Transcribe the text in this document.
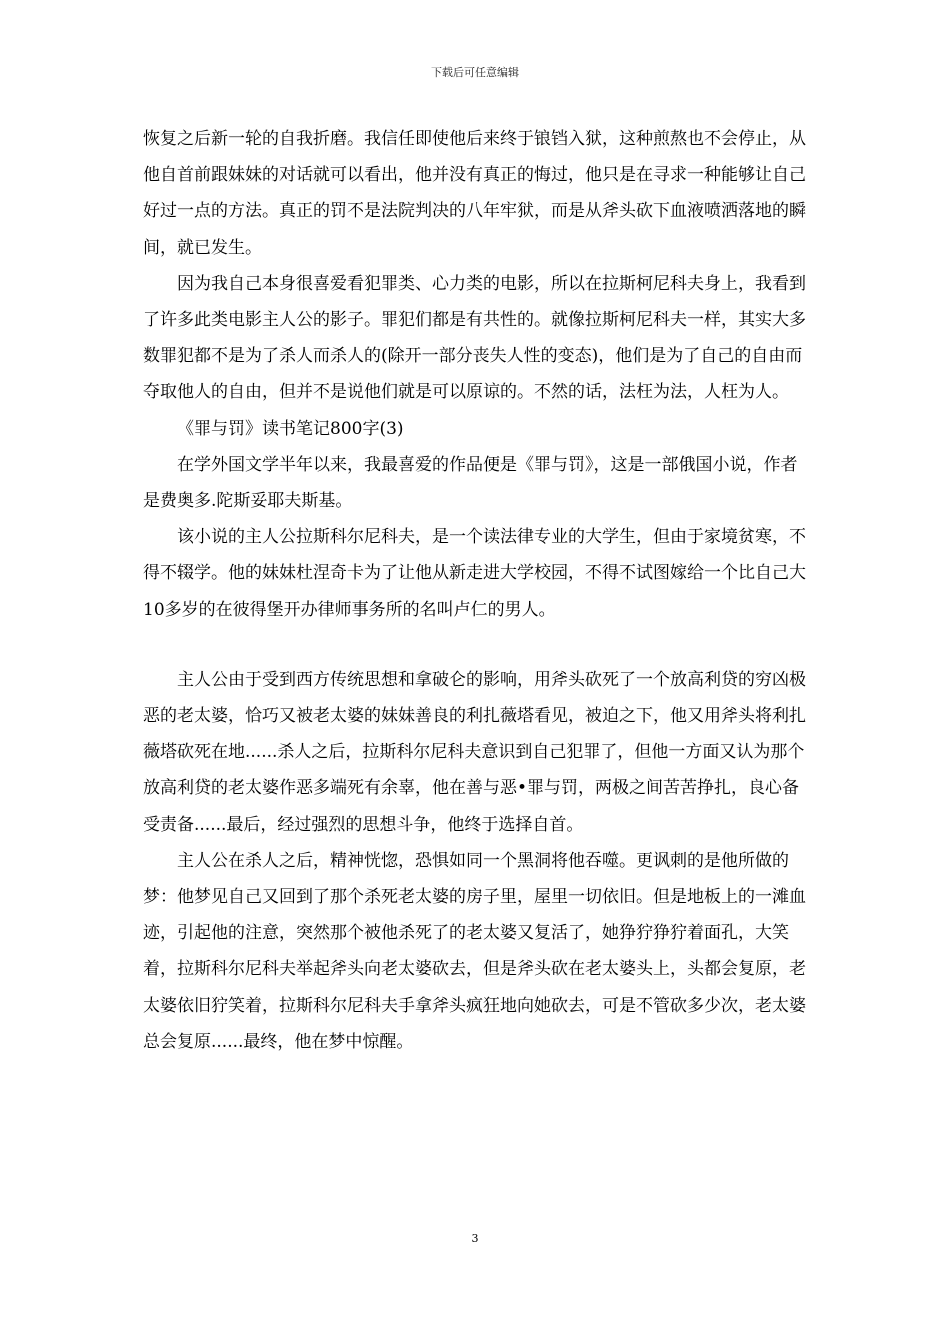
下载后可任意编辑

恢复之后新一轮的自我折磨。我信任即使他后来终于锒铛入狱，这种煎熬也不会停止，从他自首前跟妹妹的对话就可以看出，他并没有真正的悔过，他只是在寻求一种能够让自己好过一点的方法。真正的罚不是法院判决的八年牢狱，而是从斧头砍下血液喷洒落地的瞬间，就已发生。

因为我自己本身很喜爱看犯罪类、心力类的电影，所以在拉斯柯尼科夫身上，我看到了许多此类电影主人公的影子。罪犯们都是有共性的。就像拉斯柯尼科夫一样，其实大多数罪犯都不是为了杀人而杀人的(除开一部分丧失人性的变态)，他们是为了自己的自由而夺取他人的自由，但并不是说他们就是可以原谅的。不然的话，法枉为法，人枉为人。

《罪与罚》读书笔记800字(3)

在学外国文学半年以来，我最喜爱的作品便是《罪与罚》，这是一部俄国小说，作者是费奥多.陀斯妥耶夫斯基。

该小说的主人公拉斯科尔尼科夫，是一个读法律专业的大学生，但由于家境贫寒，不得不辍学。他的妹妹杜涅奇卡为了让他从新走进大学校园，不得不试图嫁给一个比自己大10多岁的在彼得堡开办律师事务所的名叫卢仁的男人。

主人公由于受到西方传统思想和拿破仑的影响，用斧头砍死了一个放高利贷的穷凶极恶的老太婆，恰巧又被老太婆的妹妹善良的利扎薇塔看见，被迫之下，他又用斧头将利扎薇塔砍死在地......杀人之后，拉斯科尔尼科夫意识到自己犯罪了，但他一方面又认为那个放高利贷的老太婆作恶多端死有余辜，他在善与恶•罪与罚，两极之间苦苦挣扎，良心备受责备......最后，经过强烈的思想斗争，他终于选择自首。

主人公在杀人之后，精神恍惚，恐惧如同一个黑洞将他吞噬。更讽刺的是他所做的梦：他梦见自己又回到了那个杀死老太婆的房子里，屋里一切依旧。但是地板上的一滩血迹，引起他的注意，突然那个被他杀死了的老太婆又复活了，她狰狞狰狞着面孔，大笑着，拉斯科尔尼科夫举起斧头向老太婆砍去，但是斧头砍在老太婆头上，头都会复原，老太婆依旧狞笑着，拉斯科尔尼科夫手拿斧头疯狂地向她砍去，可是不管砍多少次，老太婆总会复原......最终，他在梦中惊醒。

3
